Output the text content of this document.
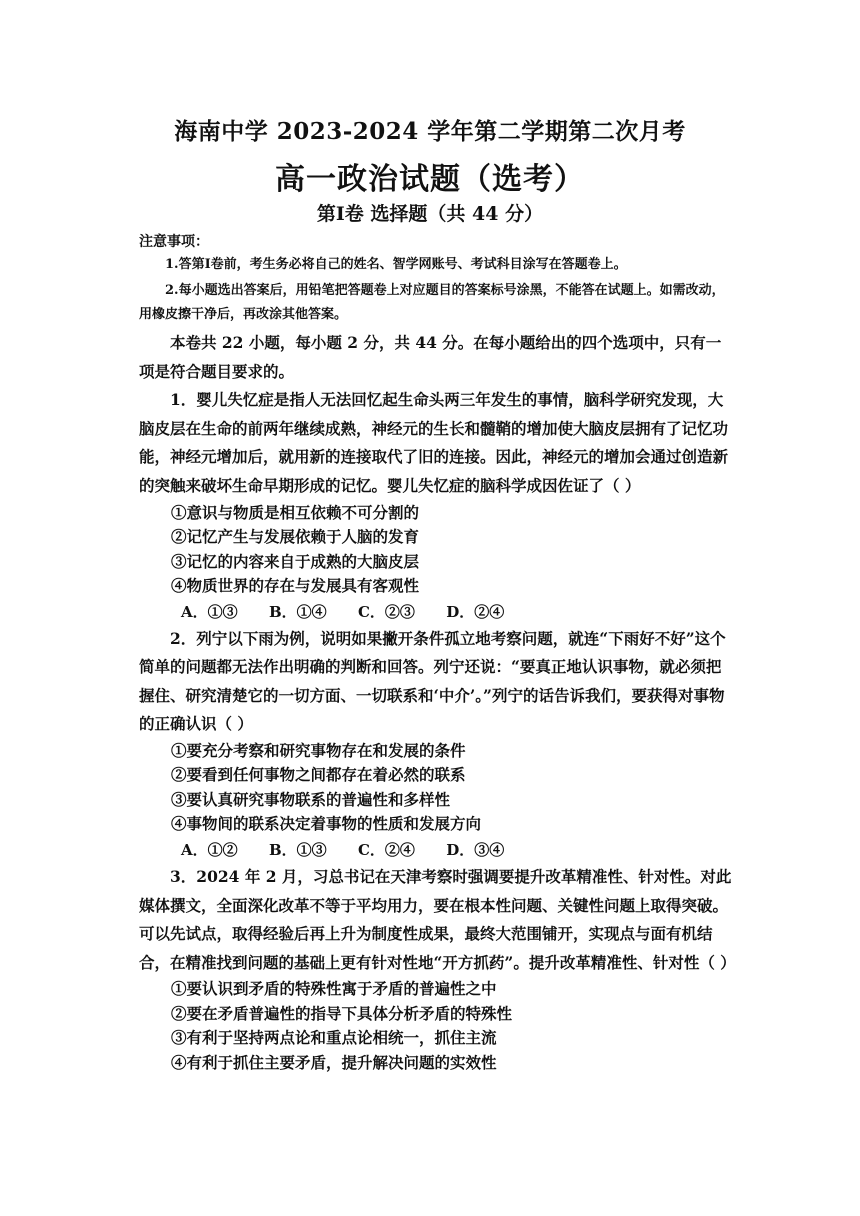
海南中学 2023-2024 学年第二学期第二次月考
高一政治试题（选考）
第Ⅰ卷 选择题（共 44 分）
注意事项：

1.答第Ⅰ卷前，考生务必将自己的姓名、智学网账号、考试科目涂写在答题卷上。

2.每小题选出答案后，用铅笔把答题卷上对应题目的答案标号涂黑，不能答在试题上。如需改动，用橡皮擦干净后，再改涂其他答案。

本卷共 22 小题，每小题 2 分，共 44 分。在每小题给出的四个选项中，只有一项是符合题目要求的。

1．婴儿失忆症是指人无法回忆起生命头两三年发生的事情，脑科学研究发现，大脑皮层在生命的前两年继续成熟，神经元的生长和髓鞘的增加使大脑皮层拥有了记忆功能，神经元增加后，就用新的连接取代了旧的连接。因此，神经元的增加会通过创造新的突触来破坏生命早期形成的记忆。婴儿失忆症的脑科学成因佐证了（ ）

①意识与物质是相互依赖不可分割的

②记忆产生与发展依赖于人脑的发育

③记忆的内容来自于成熟的大脑皮层

④物质世界的存在与发展具有客观性

A．①③      B．①④      C．②③      D．②④

2．列宁以下雨为例，说明如果撇开条件孤立地考察问题，就连“下雨好不好”这个简单的问题都无法作出明确的判断和回答。列宁还说：“要真正地认识事物，就必须把握住、研究清楚它的一切方面、一切联系和‘中介’。”列宁的话告诉我们，要获得对事物的正确认识（ ）

①要充分考察和研究事物存在和发展的条件

②要看到任何事物之间都存在着必然的联系

③要认真研究事物联系的普遍性和多样性

④事物间的联系决定着事物的性质和发展方向

A．①②      B．①③      C．②④      D．③④

3．2024 年 2 月，习总书记在天津考察时强调要提升改革精准性、针对性。对此媒体撰文，全面深化改革不等于平均用力，要在根本性问题、关键性问题上取得突破。可以先试点，取得经验后再上升为制度性成果，最终大范围铺开，实现点与面有机结合，在精准找到问题的基础上更有针对性地“开方抓药”。提升改革精准性、针对性（ ）

①要认识到矛盾的特殊性寓于矛盾的普遍性之中

②要在矛盾普遍性的指导下具体分析矛盾的特殊性

③有利于坚持两点论和重点论相统一，抓住主流

④有利于抓住主要矛盾，提升解决问题的实效性
